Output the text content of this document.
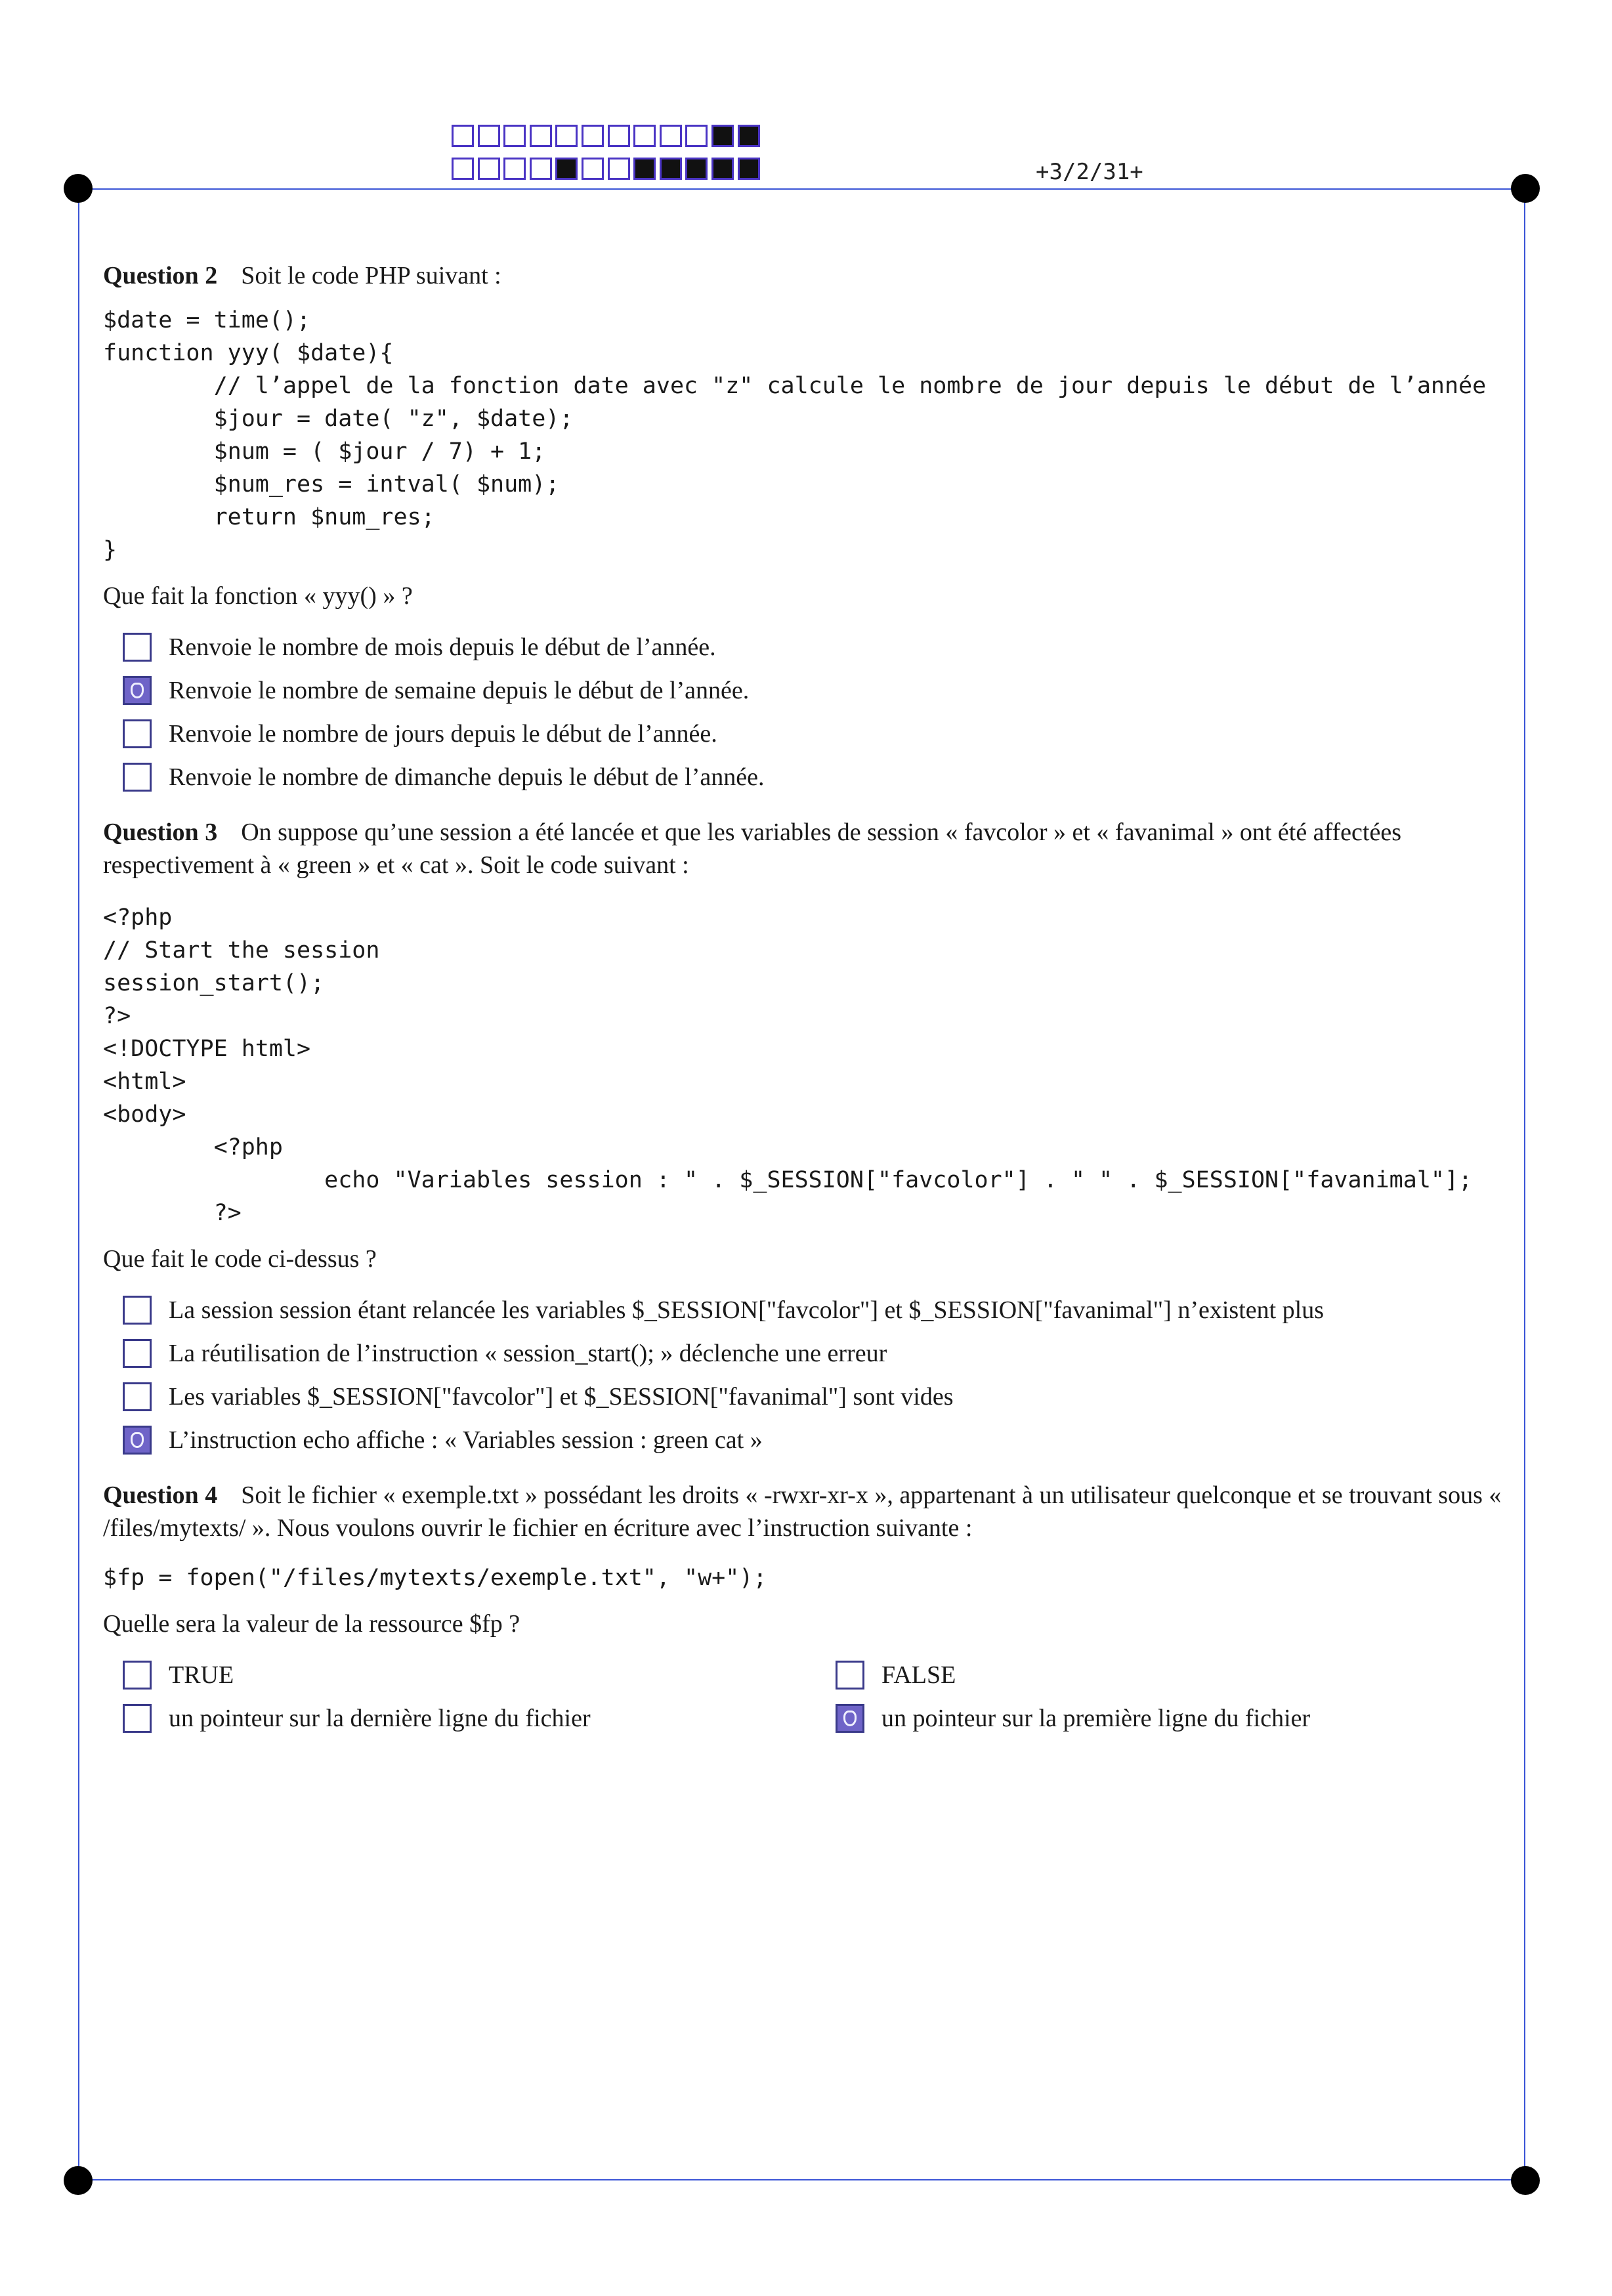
+3/2/31+

Question 2 Soit le code PHP suivant :

$date = time();
function yyy( $date){
// l’appel de la fonction date avec "z" calcule le nombre de jour depuis le début de l’année
$jour = date( "z", $date);
$num = ( $jour / 7) + 1;
$num_res = intval( $num);
return $num_res;
}

Que fait la fonction « yyy() » ?

Renvoie le nombre de mois depuis le début de l’année.
Renvoie le nombre de semaine depuis le début de l’année.
Renvoie le nombre de jours depuis le début de l’année.
Renvoie le nombre de dimanche depuis le début de l’année.

Question 3 On suppose qu’une session a été lancée et que les variables de session « favcolor » et « favanimal » ont été affectées respectivement à « green » et « cat ». Soit le code suivant :

<?php
// Start the session
session_start();
?>
<!DOCTYPE html>
<html>
<body>
<?php
echo "Variables session : " . $_SESSION["favcolor"] . " " . $_SESSION["favanimal"];
?>

Que fait le code ci-dessus ?

La session session étant relancée les variables $_SESSION["favcolor"] et $_SESSION["favanimal"] n’existent plus
La réutilisation de l’instruction « session_start(); » déclenche une erreur
Les variables $_SESSION["favcolor"] et $_SESSION["favanimal"] sont vides
L’instruction echo affiche : « Variables session : green cat »

Question 4 Soit le fichier « exemple.txt » possédant les droits « -rwxr-xr-x », appartenant à un utilisateur quelconque et se trouvant sous « /files/mytexts/ ». Nous voulons ouvrir le fichier en écriture avec l’instruction suivante :

$fp = fopen("/files/mytexts/exemple.txt", "w+");

Quelle sera la valeur de la ressource $fp ?

TRUE	FALSE
un pointeur sur la dernière ligne du fichier	un pointeur sur la première ligne du fichier
